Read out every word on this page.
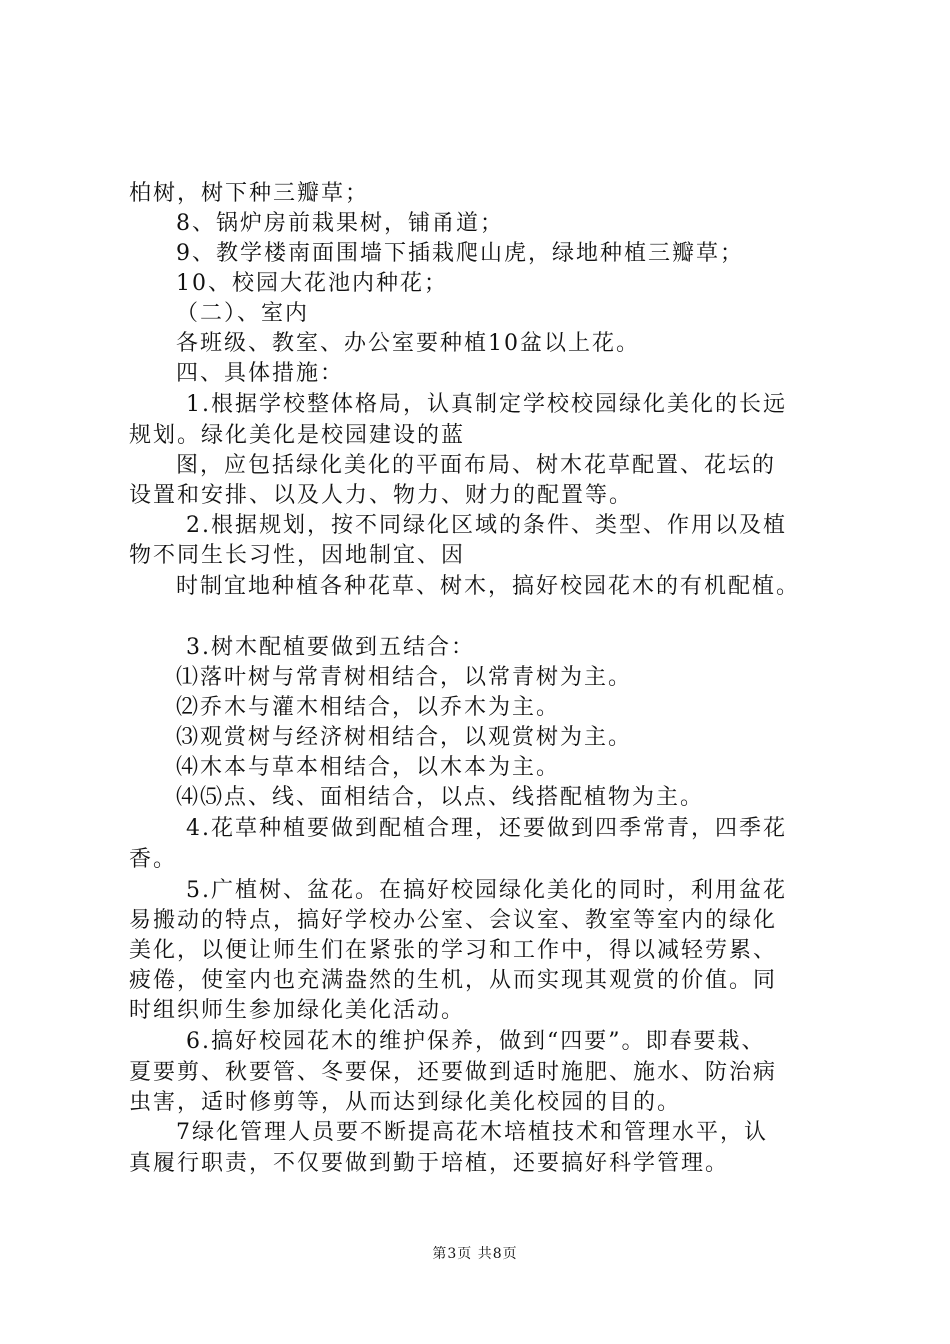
柏树，树下种三瓣草；
8、锅炉房前栽果树，铺甬道；
9、教学楼南面围墙下插栽爬山虎，绿地种植三瓣草；
10、校园大花池内种花；
（二）、室内
各班级、教室、办公室要种植10盆以上花。
四、具体措施：
1.根据学校整体格局，认真制定学校校园绿化美化的长远
规划。绿化美化是校园建设的蓝
图，应包括绿化美化的平面布局、树木花草配置、花坛的
设置和安排、以及人力、物力、财力的配置等。
2.根据规划，按不同绿化区域的条件、类型、作用以及植
物不同生长习性，因地制宜、因
时制宜地种植各种花草、树木，搞好校园花木的有机配植。
3.树木配植要做到五结合：
⑴落叶树与常青树相结合，以常青树为主。
⑵乔木与灌木相结合，以乔木为主。
⑶观赏树与经济树相结合，以观赏树为主。
⑷木本与草本相结合，以木本为主。
⑷⑸点、线、面相结合，以点、线搭配植物为主。
4.花草种植要做到配植合理，还要做到四季常青，四季花
香。
5.广植树、盆花。在搞好校园绿化美化的同时，利用盆花
易搬动的特点，搞好学校办公室、会议室、教室等室内的绿化
美化，以便让师生们在紧张的学习和工作中，得以减轻劳累、
疲倦，使室内也充满盎然的生机，从而实现其观赏的价值。同
时组织师生参加绿化美化活动。
6.搞好校园花木的维护保养，做到“四要”。即春要栽、
夏要剪、秋要管、冬要保，还要做到适时施肥、施水、防治病
虫害，适时修剪等，从而达到绿化美化校园的目的。
7绿化管理人员要不断提高花木培植技术和管理水平，认
真履行职责，不仅要做到勤于培植，还要搞好科学管理。
第3页 共8页
